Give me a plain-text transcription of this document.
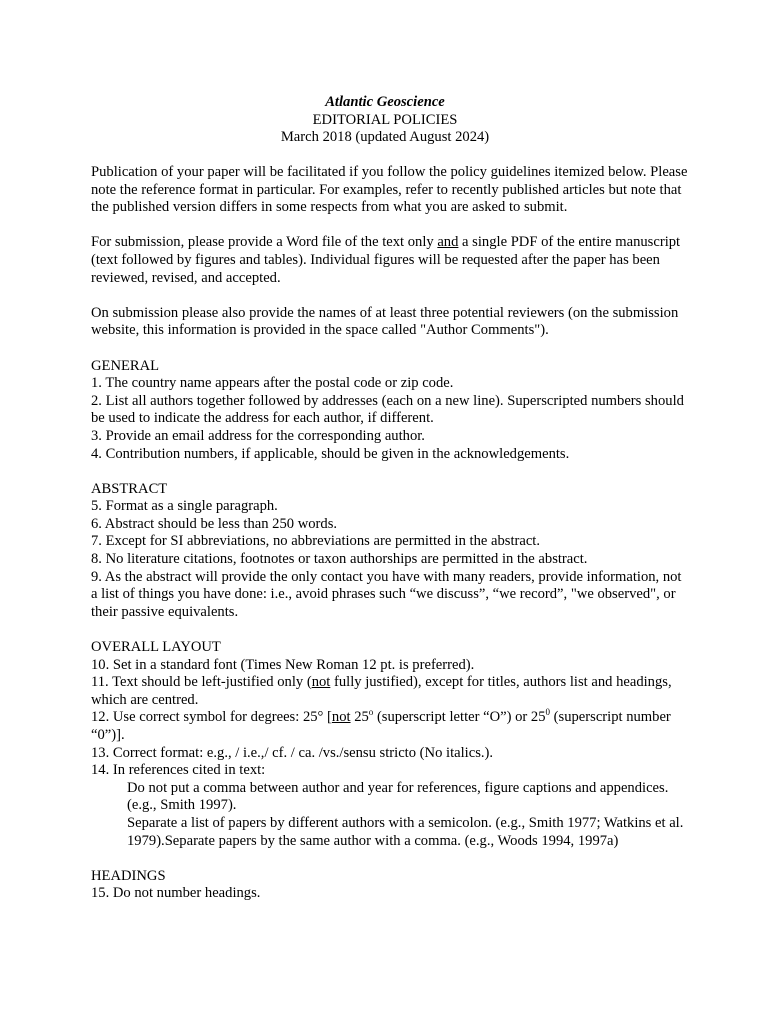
Atlantic Geoscience

EDITORIAL POLICIES

March 2018 (updated August 2024)

Publication of your paper will be facilitated if you follow the policy guidelines itemized below. Please note the reference format in particular. For examples, refer to recently published articles but note that the published version differs in some respects from what you are asked to submit.

For submission, please provide a Word file of the text only and a single PDF of the entire manuscript (text followed by figures and tables). Individual figures will be requested after the paper has been reviewed, revised, and accepted.

On submission please also provide the names of at least three potential reviewers (on the submission website, this information is provided in the space called "Author Comments").

GENERAL

1. The country name appears after the postal code or zip code.

2. List all authors together followed by addresses (each on a new line). Superscripted numbers should be used to indicate the address for each author, if different.

3. Provide an email address for the corresponding author.

4. Contribution numbers, if applicable, should be given in the acknowledgements.

ABSTRACT

5. Format as a single paragraph.

6. Abstract should be less than 250 words.

7. Except for SI abbreviations, no abbreviations are permitted in the abstract.

8. No literature citations, footnotes or taxon authorships are permitted in the abstract.

9. As the abstract will provide the only contact you have with many readers, provide information, not a list of things you have done: i.e., avoid phrases such “we discuss”, “we record”, "we observed", or their passive equivalents.

OVERALL LAYOUT

10. Set in a standard font (Times New Roman 12 pt. is preferred).

11. Text should be left-justified only (not fully justified), except for titles, authors list and headings, which are centred.

12. Use correct symbol for degrees: 25° [not 25$^o$ (superscript letter “O”) or $25^0$ (superscript number “0”)].

13. Correct format: e.g., / i.e.,/ cf. / ca. /vs./sensu stricto (No italics.).

14. In references cited in text:

Do not put a comma between author and year for references, figure captions and appendices. (e.g., Smith 1997).

Separate a list of papers by different authors with a semicolon. (e.g., Smith 1977; Watkins et al. 1979).Separate papers by the same author with a comma. (e.g., Woods 1994, 1997a)

HEADINGS

15. Do not number headings.
